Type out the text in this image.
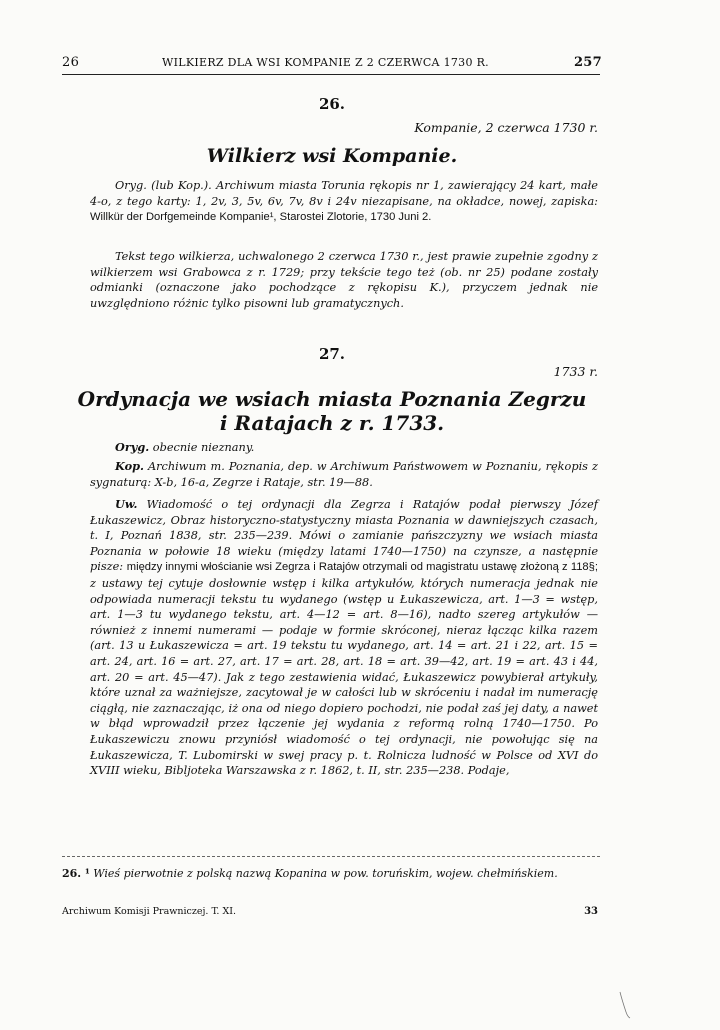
26	WILKIERZ DLA WSI KOMPANIE Z 2 CZERWCA 1730 R.	257
26.
Kompanie, 2 czerwca 1730 r.
Wilkierz wsi Kompanie.
Oryg. (lub Kop.). Archiwum miasta Torunia rękopis nr 1, zawierający 24 kart, małe 4-o, z tego karty: 1, 2v, 3, 5v, 6v, 7v, 8v i 24v niezapisane, na okładce, nowej, zapiska: Willkür der Dorfgemeinde Kompanie¹, Starostei Zlotorie, 1730 Juni 2.
Tekst tego wilkierza, uchwalonego 2 czerwca 1730 r., jest prawie zupełnie zgodny z wilkierzem wsi Grabowca z r. 1729; przy tekście tego też (ob. nr 25) podane zostały odmianki (oznaczone jako pochodzące z rękopisu K.), przyczem jednak nie uwzględniono różnic tylko pisowni lub gramatycznych.
27.
1733 r.
Ordynacja we wsiach miasta Poznania Zegrzu
i Ratajach z r. 1733.
Oryg. obecnie nieznany.
Kop. Archiwum m. Poznania, dep. w Archiwum Państwowem w Poznaniu, rękopis z sygnaturą: X-b, 16-a, Zegrze i Rataje, str. 19—88.
Uw. Wiadomość o tej ordynacji dla Zegrza i Ratajów podał pierwszy Józef Łukaszewicz, Obraz historyczno-statystyczny miasta Poznania w dawniejszych czasach, t. I, Poznań 1838, str. 235—239. Mówi o zamianie pańszczyzny we wsiach miasta Poznania w połowie 18 wieku (między latami 1740—1750) na czynsze, a następnie pisze: między innymi włościanie wsi Zegrza i Ratajów otrzymali od magistratu ustawę złożoną z 118§; z ustawy tej cytuje dosłownie wstęp i kilka artykułów, których numeracja jednak nie odpowiada numeracji tekstu tu wydanego (wstęp u Łukaszewicza, art. 1—3 = wstęp, art. 1—3 tu wydanego tekstu, art. 4—12 = art. 8—16), nadto szereg artykułów — również z innemi numerami — podaje w formie skróconej, nieraz łącząc kilka razem (art. 13 u Łukaszewicza = art. 19 tekstu tu wydanego, art. 14 = art. 21 i 22, art. 15 = art. 24, art. 16 = art. 27, art. 17 = art. 28, art. 18 = art. 39—42, art. 19 = art. 43 i 44, art. 20 = art. 45—47). Jak z tego zestawienia widać, Łukaszewicz powybierał artykuły, które uznał za ważniejsze, zacytował je w całości lub w skróceniu i nadał im numerację ciągłą, nie zaznaczając, iż ona od niego dopiero pochodzi, nie podał zaś jej daty, a nawet w błąd wprowadził przez łączenie jej wydania z reformą rolną 1740—1750. Po Łukaszewiczu znowu przyniósł wiadomość o tej ordynacji, nie powołując się na Łukaszewicza, T. Lubomirski w swej pracy p. t. Rolnicza ludność w Polsce od XVI do XVIII wieku, Bibljoteka Warszawska z r. 1862, t. II, str. 235—238. Podaje,
26. ¹ Wieś pierwotnie z polską nazwą Kopanina w pow. toruńskim, wojew. chełmińskiem.
Archiwum Komisji Prawniczej. T. XI.	33
